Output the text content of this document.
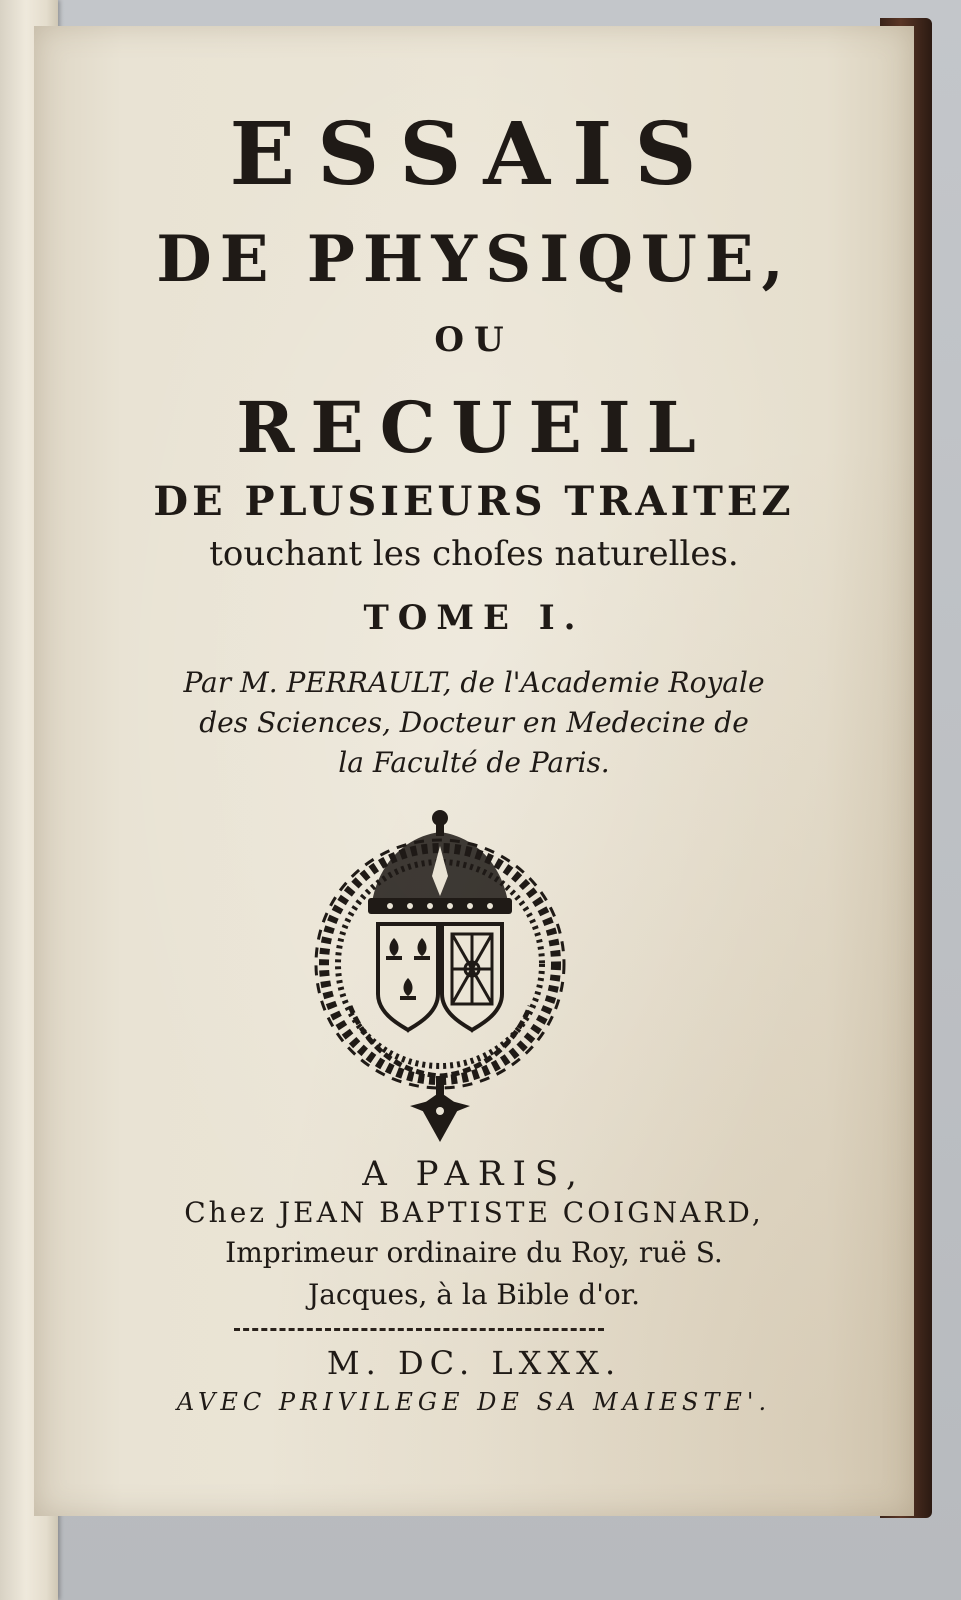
ESSAIS
DE PHYSIQUE,
OU
RECUEIL
DE PLUSIEURS TRAITEZ
touchant les choſes naturelles.
TOME I.
Par M. PERRAULT, de l'Academie Royale
des Sciences, Docteur en Medecine de
la Faculté de Paris.
A PARIS,
Chez JEAN BAPTISTE COIGNARD,
Imprimeur ordinaire du Roy, ruë S.
Jacques, à la Bible d'or.
M. DC. LXXX.
AVEC PRIVILEGE DE SA MAIESTE'.
